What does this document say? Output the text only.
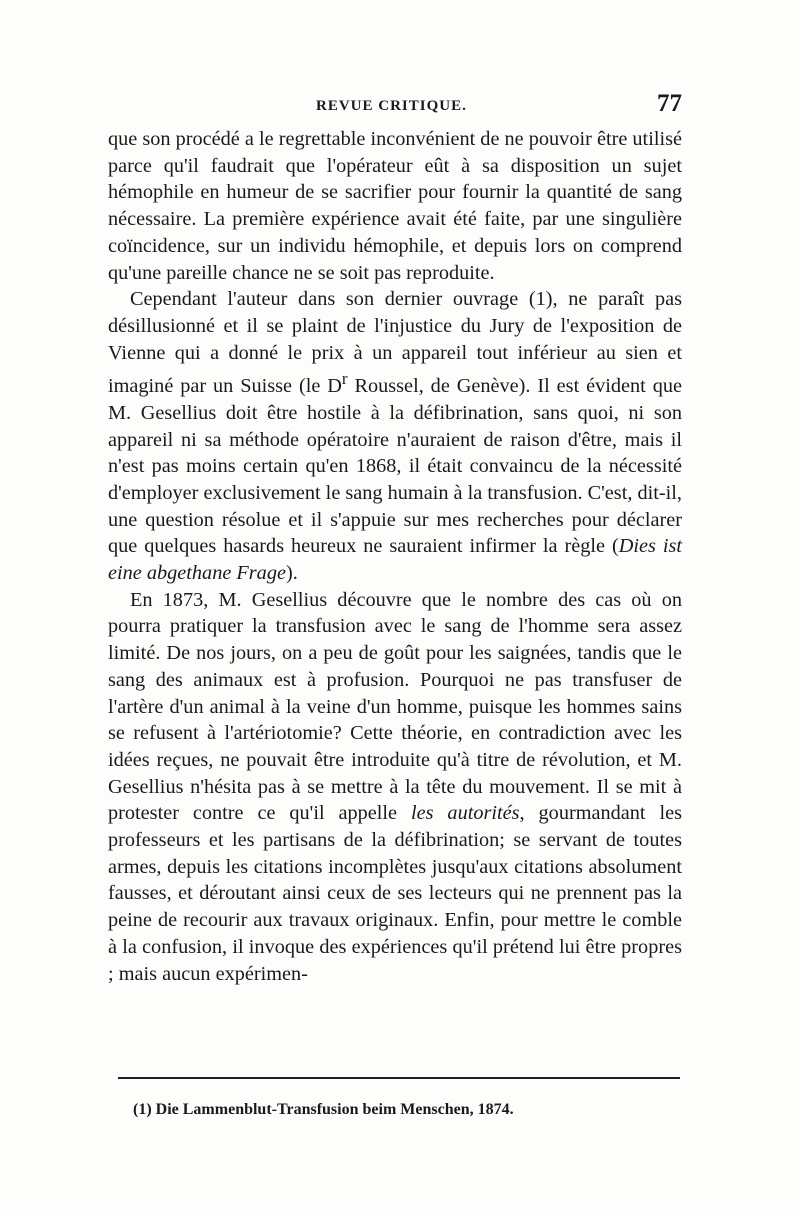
REVUE CRITIQUE.	77

que son procédé a le regrettable inconvénient de ne pouvoir être utilisé parce qu'il faudrait que l'opérateur eût à sa disposition un sujet hémophile en humeur de se sacrifier pour fournir la quantité de sang nécessaire. La première expérience avait été faite, par une singulière coïncidence, sur un individu hémophile, et depuis lors on comprend qu'une pareille chance ne se soit pas reproduite.

Cependant l'auteur dans son dernier ouvrage (1), ne paraît pas désillusionné et il se plaint de l'injustice du Jury de l'exposition de Vienne qui a donné le prix à un appareil tout inférieur au sien et imaginé par un Suisse (le $D^r$ Roussel, de Genève). Il est évident que M. Gesellius doit être hostile à la défibrination, sans quoi, ni son appareil ni sa méthode opératoire n'auraient de raison d'être, mais il n'est pas moins certain qu'en 1868, il était convaincu de la nécessité d'employer exclusivement le sang humain à la transfusion. C'est, dit-il, une question résolue et il s'appuie sur mes recherches pour déclarer que quelques hasards heureux ne sauraient infirmer la règle (Dies ist eine abgethane Frage).

En 1873, M. Gesellius découvre que le nombre des cas où on pourra pratiquer la transfusion avec le sang de l'homme sera assez limité. De nos jours, on a peu de goût pour les saignées, tandis que le sang des animaux est à profusion. Pourquoi ne pas transfuser de l'artère d'un animal à la veine d'un homme, puisque les hommes sains se refusent à l'artériotomie? Cette théorie, en contradiction avec les idées reçues, ne pouvait être introduite qu'à titre de révolution, et M. Gesellius n'hésita pas à se mettre à la tête du mouvement. Il se mit à protester contre ce qu'il appelle les autorités, gourmandant les professeurs et les partisans de la défibrination; se servant de toutes armes, depuis les citations incomplètes jusqu'aux citations absolument fausses, et déroutant ainsi ceux de ses lecteurs qui ne prennent pas la peine de recourir aux travaux originaux. Enfin, pour mettre le comble à la confusion, il invoque des expériences qu'il prétend lui être propres ; mais aucun expérimen-

(1) Die Lammenblut-Transfusion beim Menschen, 1874.
